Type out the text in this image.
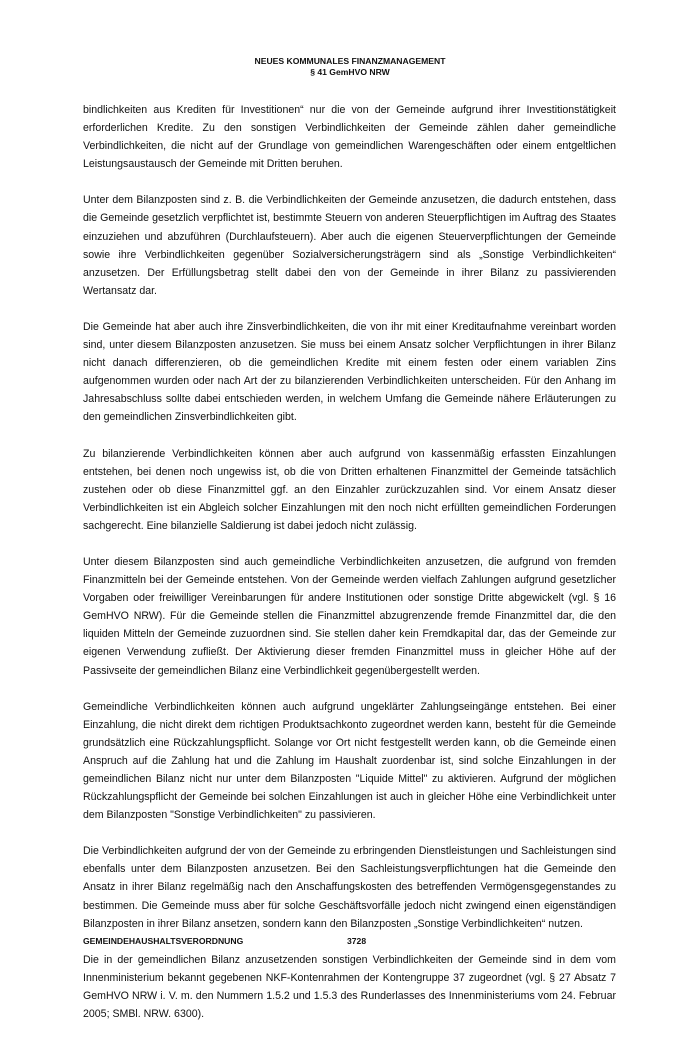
NEUES KOMMUNALES FINANZMANAGEMENT
§ 41 GemHVO NRW

bindlichkeiten aus Krediten für Investitionen“ nur die von der Gemeinde aufgrund ihrer Investitionstätigkeit erforderlichen Kredite. Zu den sonstigen Verbindlichkeiten der Gemeinde zählen daher gemeindliche Verbindlichkeiten, die nicht auf der Grundlage von gemeindlichen Warengeschäften oder einem entgeltlichen Leistungsaustausch der Gemeinde mit Dritten beruhen.

Unter dem Bilanzposten sind z. B. die Verbindlichkeiten der Gemeinde anzusetzen, die dadurch entstehen, dass die Gemeinde gesetzlich verpflichtet ist, bestimmte Steuern von anderen Steuerpflichtigen im Auftrag des Staates einzuziehen und abzuführen (Durchlaufsteuern). Aber auch die eigenen Steuerverpflichtungen der Gemeinde sowie ihre Verbindlichkeiten gegenüber Sozialversicherungsträgern sind als „Sonstige Verbindlichkeiten“ anzusetzen. Der Erfüllungsbetrag stellt dabei den von der Gemeinde in ihrer Bilanz zu passivierenden Wertansatz dar.

Die Gemeinde hat aber auch ihre Zinsverbindlichkeiten, die von ihr mit einer Kreditaufnahme vereinbart worden sind, unter diesem Bilanzposten anzusetzen. Sie muss bei einem Ansatz solcher Verpflichtungen in ihrer Bilanz nicht danach differenzieren, ob die gemeindlichen Kredite mit einem festen oder einem variablen Zins aufgenommen wurden oder nach Art der zu bilanzierenden Verbindlichkeiten unterscheiden. Für den Anhang im Jahresabschluss sollte dabei entschieden werden, in welchem Umfang die Gemeinde nähere Erläuterungen zu den gemeindlichen Zinsverbindlichkeiten gibt.

Zu bilanzierende Verbindlichkeiten können aber auch aufgrund von kassenmäßig erfassten Einzahlungen entstehen, bei denen noch ungewiss ist, ob die von Dritten erhaltenen Finanzmittel der Gemeinde tatsächlich zustehen oder ob diese Finanzmittel ggf. an den Einzahler zurückzuzahlen sind. Vor einem Ansatz dieser Verbindlichkeiten ist ein Abgleich solcher Einzahlungen mit den noch nicht erfüllten gemeindlichen Forderungen sachgerecht. Eine bilanzielle Saldierung ist dabei jedoch nicht zulässig.

Unter diesem Bilanzposten sind auch gemeindliche Verbindlichkeiten anzusetzen, die aufgrund von fremden Finanzmitteln bei der Gemeinde entstehen. Von der Gemeinde werden vielfach Zahlungen aufgrund gesetzlicher Vorgaben oder freiwilliger Vereinbarungen für andere Institutionen oder sonstige Dritte abgewickelt (vgl. § 16 GemHVO NRW). Für die Gemeinde stellen die Finanzmittel abzugrenzende fremde Finanzmittel dar, die den liquiden Mitteln der Gemeinde zuzuordnen sind. Sie stellen daher kein Fremdkapital dar, das der Gemeinde zur eigenen Verwendung zufließt. Der Aktivierung dieser fremden Finanzmittel muss in gleicher Höhe auf der Passivseite der gemeindlichen Bilanz eine Verbindlichkeit gegenübergestellt werden.

Gemeindliche Verbindlichkeiten können auch aufgrund ungeklärter Zahlungseingänge entstehen. Bei einer Einzahlung, die nicht direkt dem richtigen Produktsachkonto zugeordnet werden kann, besteht für die Gemeinde grundsätzlich eine Rückzahlungspflicht. Solange vor Ort nicht festgestellt werden kann, ob die Gemeinde einen Anspruch auf die Zahlung hat und die Zahlung im Haushalt zuordenbar ist, sind solche Einzahlungen in der gemeindlichen Bilanz nicht nur unter dem Bilanzposten "Liquide Mittel" zu aktivieren. Aufgrund der möglichen Rückzahlungspflicht der Gemeinde bei solchen Einzahlungen ist auch in gleicher Höhe eine Verbindlichkeit unter dem Bilanzposten "Sonstige Verbindlichkeiten" zu passivieren.

Die Verbindlichkeiten aufgrund der von der Gemeinde zu erbringenden Dienstleistungen und Sachleistungen sind ebenfalls unter dem Bilanzposten anzusetzen. Bei den Sachleistungsverpflichtungen hat die Gemeinde den Ansatz in ihrer Bilanz regelmäßig nach den Anschaffungskosten des betreffenden Vermögensgegenstandes zu bestimmen. Die Gemeinde muss aber für solche Geschäftsvorfälle jedoch nicht zwingend einen eigenständigen Bilanzposten in ihrer Bilanz ansetzen, sondern kann den Bilanzposten „Sonstige Verbindlichkeiten“ nutzen.

Die in der gemeindlichen Bilanz anzusetzenden sonstigen Verbindlichkeiten der Gemeinde sind in dem vom Innenministerium bekannt gegebenen NKF-Kontenrahmen der Kontengruppe 37 zugeordnet (vgl. § 27 Absatz 7 GemHVO NRW i. V. m. den Nummern 1.5.2 und 1.5.3 des Runderlasses des Innenministeriums vom 24. Februar 2005; SMBl. NRW. 6300).

GEMEINDEHAUSHALTSVERORDNUNG	3728
